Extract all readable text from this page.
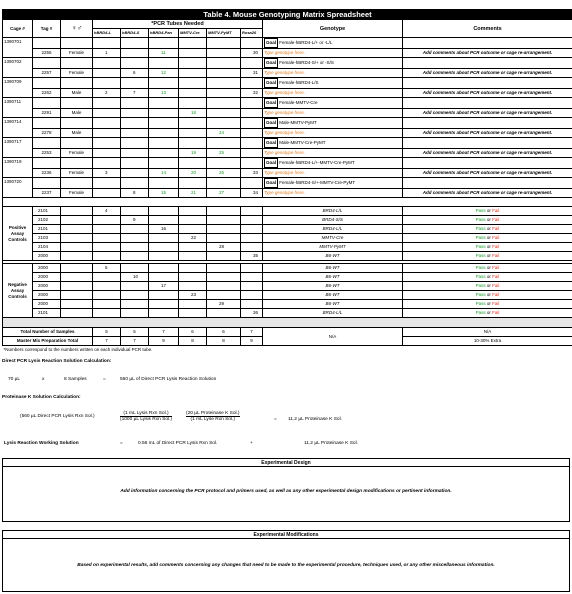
Table 4. Mouse Genotyping Matrix Spreadsheet										
Cage #	Tag #	♀♂	*PCR Tubes Needed						Genotype	Comments
			hBRD4-L	hBRD4-S	hBRD4-Pan	MMTV-Cre	MMTV-PyMT	Rosa26		
1390701									Goal Female-hBRD4-L/+ or -L/L	
	2255	Female	1		11			30	Type genotype here.	Add comments about PCR outcome or cage re-arrangement.
1390702									Goal Female-hBRD4-S/+ or -S/S	
	2257	Female		6	12			31	Type genotype here.	Add comments about PCR outcome or cage re-arrangement.
1390709									Goal Female-hBRD4-L/S	
	2262	Male	2	7	13			32	Type genotype here.	Add comments about PCR outcome or cage re-arrangement.
1390711									Goal Female-MMTV-Cre	
	2291	Male				18			Type genotype here.	Add comments about PCR outcome or cage re-arrangement.
1390714									Goal Male-MMTV-PyMT	
	2278	Male					24		Type genotype here.	Add comments about PCR outcome or cage re-arrangement.
1390717									Goal Male-MMTV-Cre-PyMT	
	2253	Female				19	25		Type genotype here.	Add comments about PCR outcome or cage re-arrangement.
1390719									Goal Female-hBRD4-L/+-MMTV-Cre-PyMT	
	2236	Female	3		14	20	26	33	Type genotype here.	Add comments about PCR outcome or cage re-arrangement.
1390720									Goal Female-hBRD4-S/+-MMTV-Cre-PyMT	
	2237	Female		8	15	21	27	34	Type genotype here.	Add comments about PCR outcome or cage re-arrangement.

Positive Assay Controls	2101		4						BRD4-L/L	Pass or Fail
	2102			9					BRD4-S/S	Pass or Fail
	2101				16				BRD4-L/L	Pass or Fail
	2103					22			MMTV-Cre	Pass or Fail
	2104						28		MMTV-PyMT	Pass or Fail
	2000							35	B6-WT	Pass or Fail

Negative Assay Controls	2000		5						B6-WT	Pass or Fail
	2000			10					B6-WT	Pass or Fail
	2000				17				B6-WT	Pass or Fail
	2000					23			B6-WT	Pass or Fail
	2000						29		B6-WT	Pass or Fail
	2101							36	BRD4-L/L	Pass or Fail

Total Number of Samples			5	5	7	6	6	7	N/A	N/A
Master Mix Preparation Total			7	7	9	8	8	9		10-30% Extra
*Numbers correspond to the numbers written on each individual PCR tube.										
Direct PCR Lysis Reaction Solution Calculation:
70 µL	x	8 Samples	=	560 µL of Direct PCR Lysis Reaction Solution
Proteinase K Solution Calculation:
(560 µL Direct PCR Lysis Rxn Sol.)	$\frac{\text{(1 mL Lysis Rxn Sol.)}}{\text{(1000 µL Lysis Rxn Sol.)}}$	$\frac{\text{(20 µL Proteinase K Sol.)}}{\text{(1 mL Lyse Rxn Sol.)}}$	= 11.2 µL Proteinase K Sol.
Lysis Reaction Working Solution	=	0.56 mL of Direct PCR Lysis Rxn Sol.	+	11.2 µL Proteinase K Sol.
Experimental Design
Add information concerning the PCR protocol and primers used, as well as any other experimental design modifications or pertinent information.
Experimental Modifications
Based on experimental results, add comments concerning any changes that need to be made to the experimental procedure, techniques used, or any other miscellaneous information.
